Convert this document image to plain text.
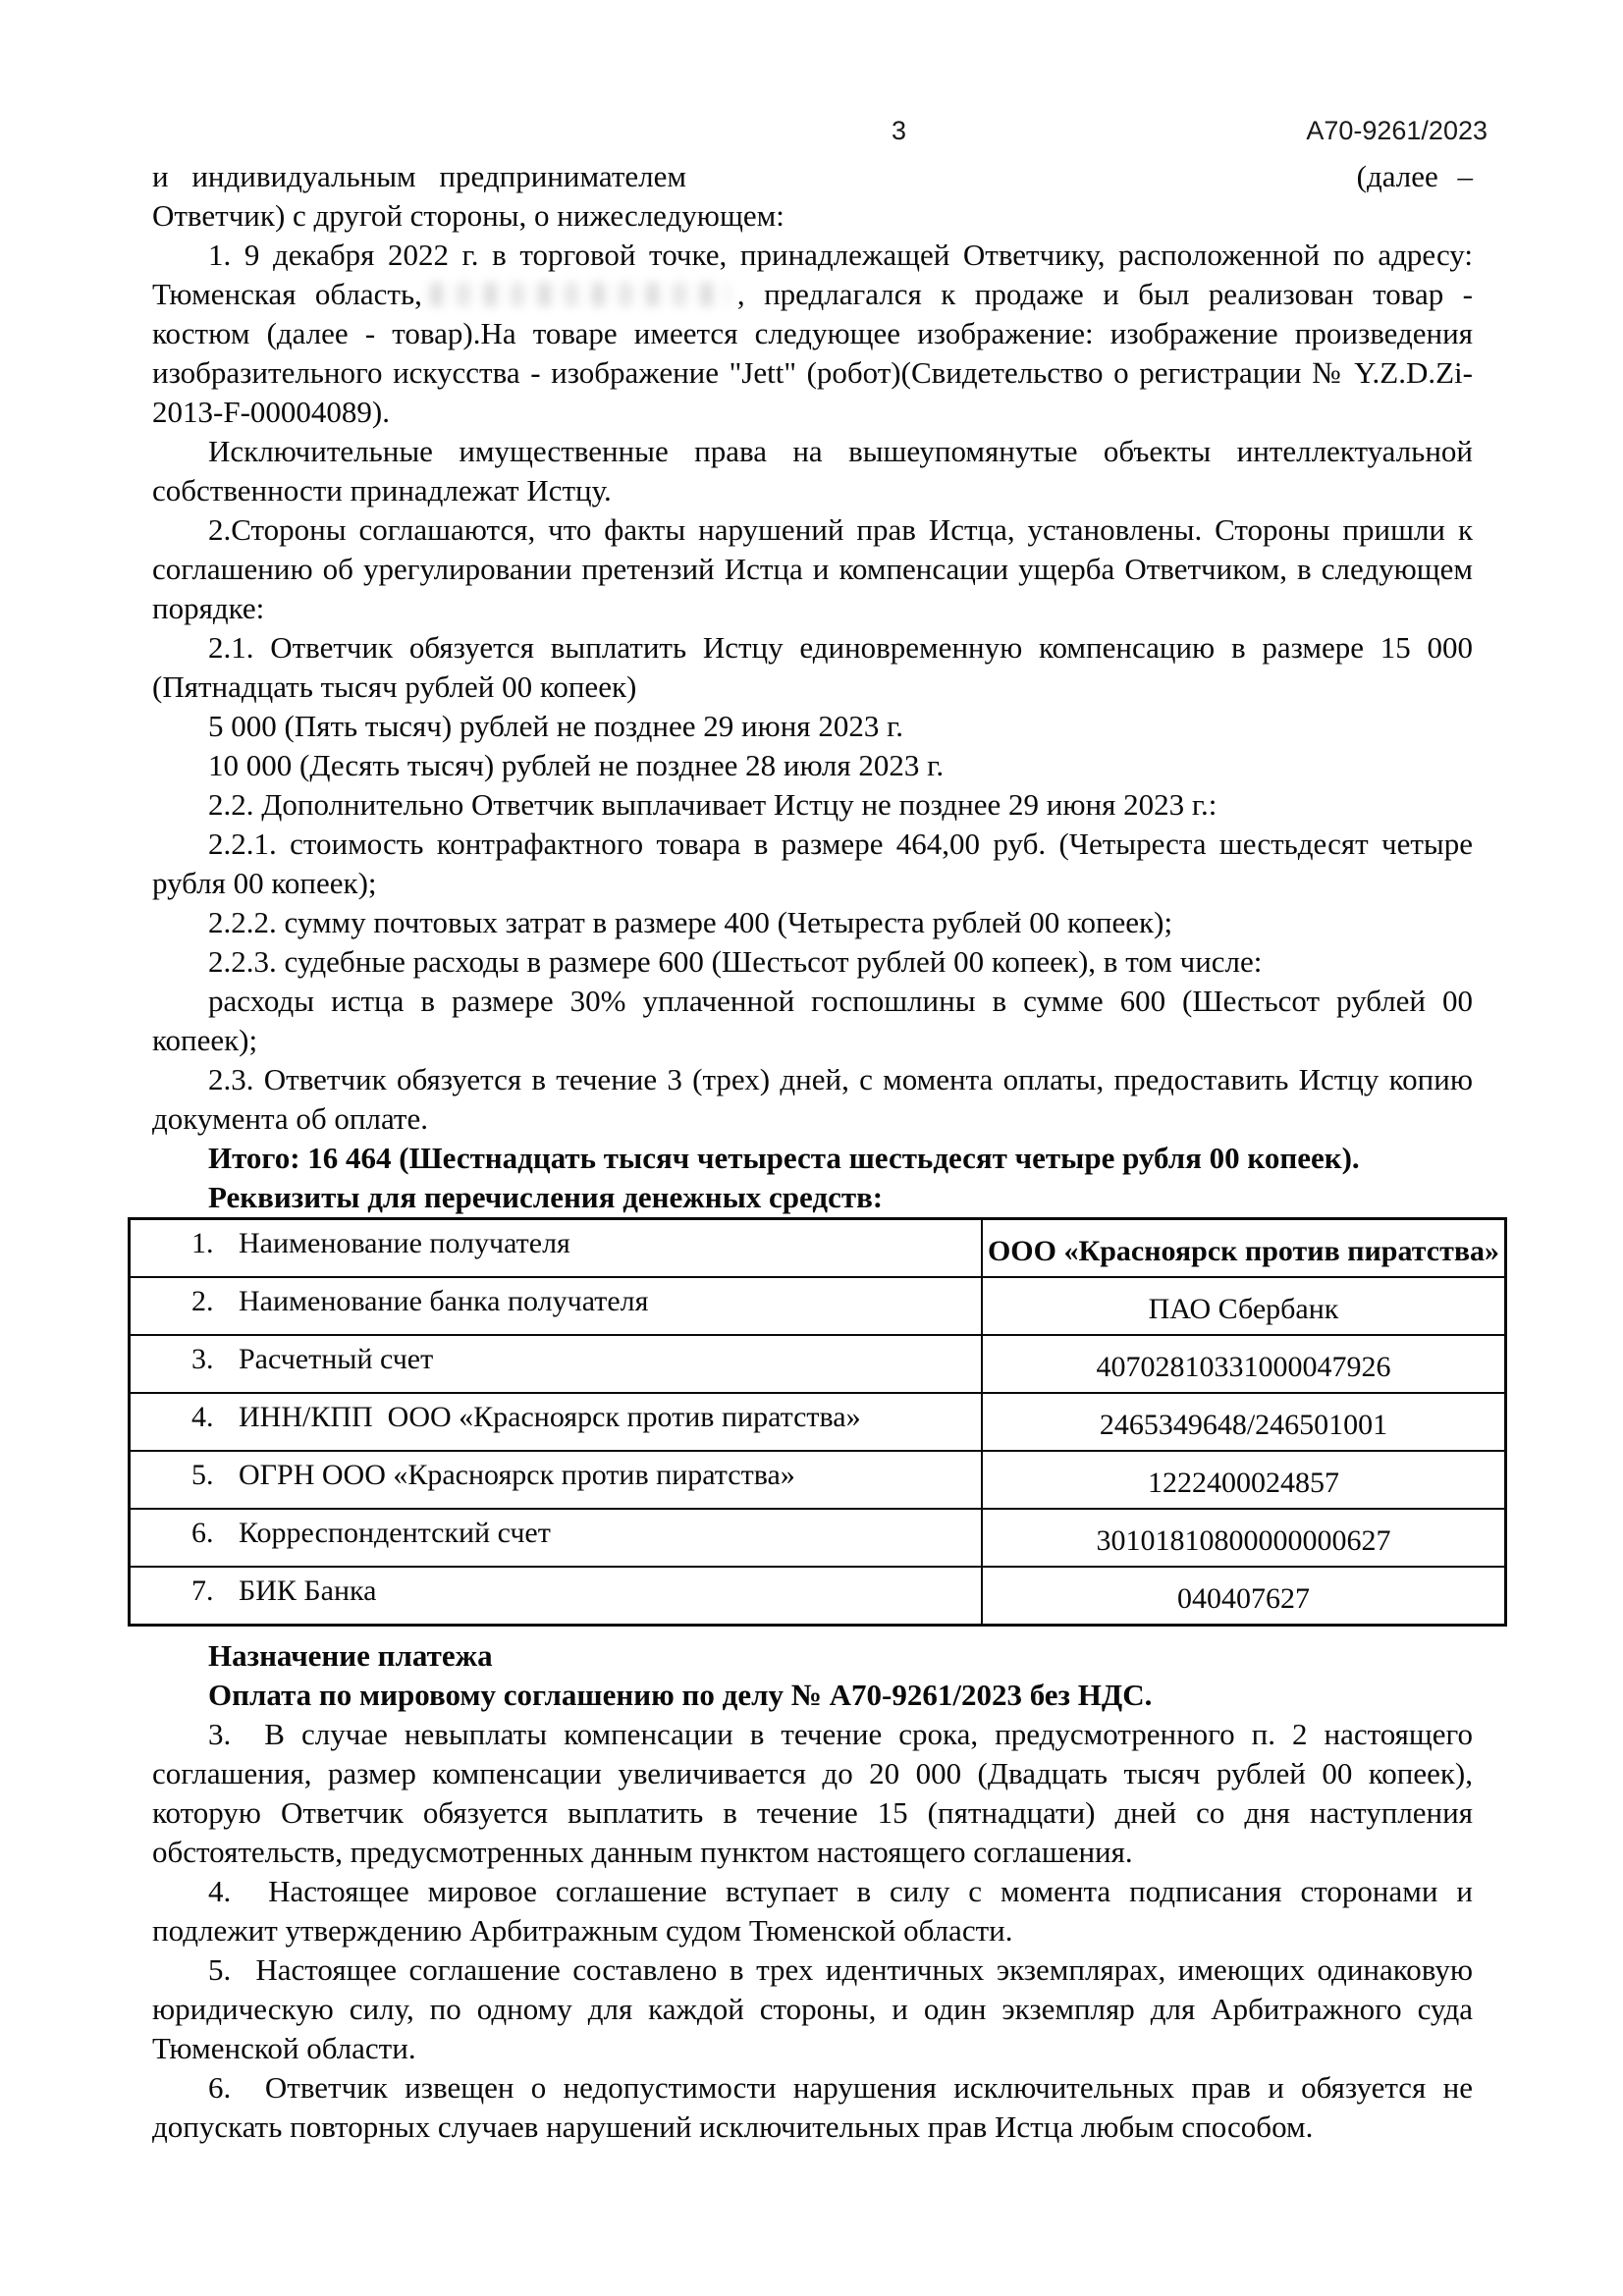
3	А70-9261/2023

и индивидуальным предпринимателем	(далее –

Ответчик) с другой стороны, о нижеследующем:

1. 9 декабря 2022 г. в торговой точке, принадлежащей Ответчику, расположенной по адресу: Тюменская область,	, предлагался к продаже и был реализован товар - костюм (далее - товар).На товаре имеется следующее изображение: изображение произведения изобразительного искусства - изображение "Jett" (робот)(Свидетельство о регистрации № Y.Z.D.Zi-2013-F-00004089).

Исключительные имущественные права на вышеупомянутые объекты интеллектуальной собственности принадлежат Истцу.

2.Стороны соглашаются, что факты нарушений прав Истца, установлены. Стороны пришли к соглашению об урегулировании претензий Истца и компенсации ущерба Ответчиком, в следующем порядке:

2.1. Ответчик обязуется выплатить Истцу единовременную компенсацию в размере 15 000 (Пятнадцать тысяч рублей 00 копеек)

5 000 (Пять тысяч) рублей не позднее 29 июня 2023 г.

10 000 (Десять тысяч) рублей не позднее 28 июля 2023 г.

2.2. Дополнительно Ответчик выплачивает Истцу не позднее 29 июня 2023 г.:

2.2.1. стоимость контрафактного товара в размере 464,00 руб. (Четыреста шестьдесят четыре рубля 00 копеек);

2.2.2. сумму почтовых затрат в размере 400 (Четыреста рублей 00 копеек);

2.2.3. судебные расходы в размере 600 (Шестьсот рублей 00 копеек), в том числе:

расходы истца в размере 30% уплаченной госпошлины в сумме 600 (Шестьсот рублей 00 копеек);

2.3. Ответчик обязуется в течение 3 (трех) дней, с момента оплаты, предоставить Истцу копию документа об оплате.

Итого: 16 464 (Шестнадцать тысяч четыреста шестьдесят четыре рубля 00 копеек).

Реквизиты для перечисления денежных средств:

1. Наименование получателя	ООО «Красноярск против пиратства»
2. Наименование банка получателя	ПАО Сбербанк
3. Расчетный счет	40702810331000047926
4. ИНН/КПП  ООО «Красноярск против пиратства»	2465349648/246501001
5. ОГРН ООО «Красноярск против пиратства»	1222400024857
6. Корреспондентский счет	30101810800000000627
7. БИК Банка	040407627

Назначение платежа

Оплата по мировому соглашению по делу № А70-9261/2023 без НДС.

3.  В случае невыплаты компенсации в течение срока, предусмотренного п. 2 настоящего соглашения, размер компенсации увеличивается до 20 000 (Двадцать тысяч рублей 00 копеек), которую Ответчик обязуется выплатить в течение 15 (пятнадцати) дней со дня наступления обстоятельств, предусмотренных данным пунктом настоящего соглашения.

4.  Настоящее мировое соглашение вступает в силу с момента подписания сторонами и подлежит утверждению Арбитражным судом Тюменской области.

5.  Настоящее соглашение составлено в трех идентичных экземплярах, имеющих одинаковую юридическую силу, по одному для каждой стороны, и один экземпляр для Арбитражного суда Тюменской области.

6.  Ответчик извещен о недопустимости нарушения исключительных прав и обязуется не допускать повторных случаев нарушений исключительных прав Истца любым способом.
